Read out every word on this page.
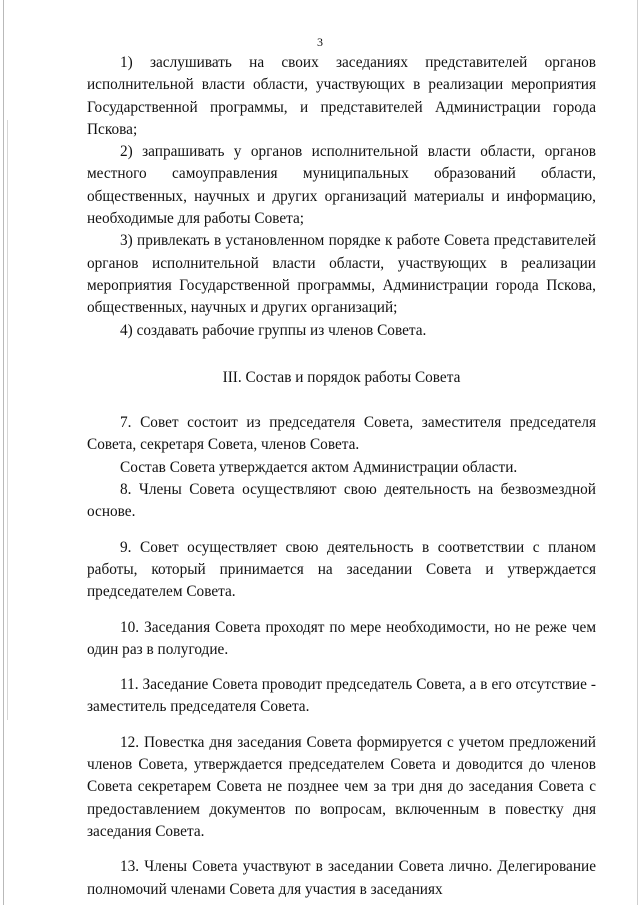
3

1) заслушивать на своих заседаниях представителей органов исполнительной власти области, участвующих в реализации мероприятия Государственной программы, и представителей Администрации города Пскова;

2) запрашивать у органов исполнительной власти области, органов местного самоуправления муниципальных образований области, общественных, научных и других организаций материалы и информацию, необходимые для работы Совета;

3) привлекать в установленном порядке к работе Совета представителей органов исполнительной власти области, участвующих в реализации мероприятия Государственной программы, Администрации города Пскова, общественных, научных и других организаций;

4) создавать рабочие группы из членов Совета.

III. Состав и порядок работы Совета

7. Совет состоит из председателя Совета, заместителя председателя Совета, секретаря Совета, членов Совета.

Состав Совета утверждается актом Администрации области.

8. Члены Совета осуществляют свою деятельность на безвозмездной основе.

9. Совет осуществляет свою деятельность в соответствии с планом работы, который принимается на заседании Совета и утверждается председателем Совета.

10. Заседания Совета проходят по мере необходимости, но не реже чем один раз в полугодие.

11. Заседание Совета проводит председатель Совета, а в его отсутствие - заместитель председателя Совета.

12. Повестка дня заседания Совета формируется с учетом предложений членов Совета, утверждается председателем Совета и доводится до членов Совета секретарем Совета не позднее чем за три дня до заседания Совета с предоставлением документов по вопросам, включенным в повестку дня заседания Совета.

13. Члены Совета участвуют в заседании Совета лично. Делегирование полномочий членами Совета для участия в заседаниях
